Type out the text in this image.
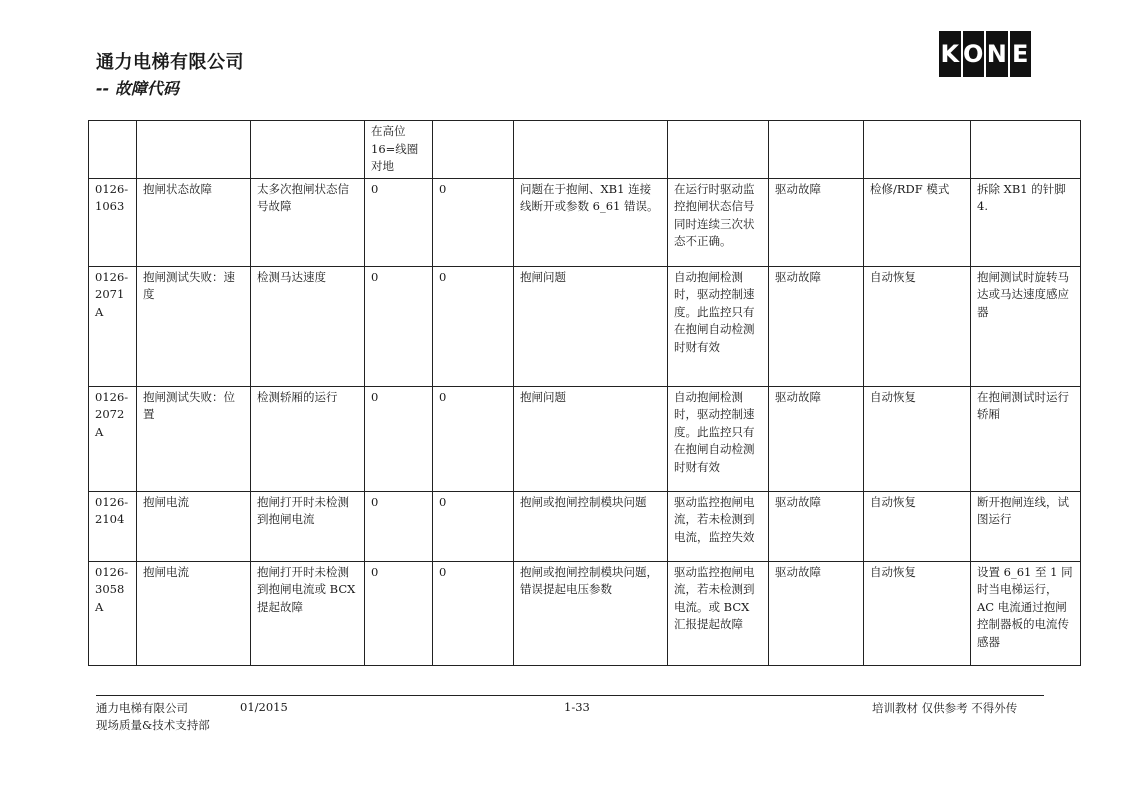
通力电梯有限公司
-- 故障代码
K O N E
			在高位16=线圈对地						
0126-1063	抱闸状态故障	太多次抱闸状态信号故障	0	0	问题在于抱闸、XB1 连接线断开或参数 6_61 错误。	在运行时驱动监控抱闸状态信号同时连续三次状态不正确。	驱动故障	检修/RDF 模式	拆除 XB1 的针脚 4.
0126-2071A	抱闸测试失败：速度	检测马达速度	0	0	抱闸问题	自动抱闸检测时，驱动控制速度。此监控只有在抱闸自动检测时财有效	驱动故障	自动恢复	抱闸测试时旋转马达或马达速度感应器
0126-2072A	抱闸测试失败：位置	检测轿厢的运行	0	0	抱闸问题	自动抱闸检测时，驱动控制速度。此监控只有在抱闸自动检测时财有效	驱动故障	自动恢复	在抱闸测试时运行轿厢
0126-2104	抱闸电流	抱闸打开时未检测到抱闸电流	0	0	抱闸或抱闸控制模块问题	驱动监控抱闸电流，若未检测到电流，监控失效	驱动故障	自动恢复	断开抱闸连线，试图运行
0126-3058A	抱闸电流	抱闸打开时未检测到抱闸电流或 BCX 提起故障	0	0	抱闸或抱闸控制模块问题，错误提起电压参数	驱动监控抱闸电流，若未检测到电流。或 BCX 汇报提起故障	驱动故障	自动恢复	设置 6_61 至 1 同时当电梯运行，AC 电流通过抱闸控制器板的电流传感器
通力电梯有限公司	01/2015
现场质量&技术支持部
1-33	培训教材 仅供参考 不得外传
